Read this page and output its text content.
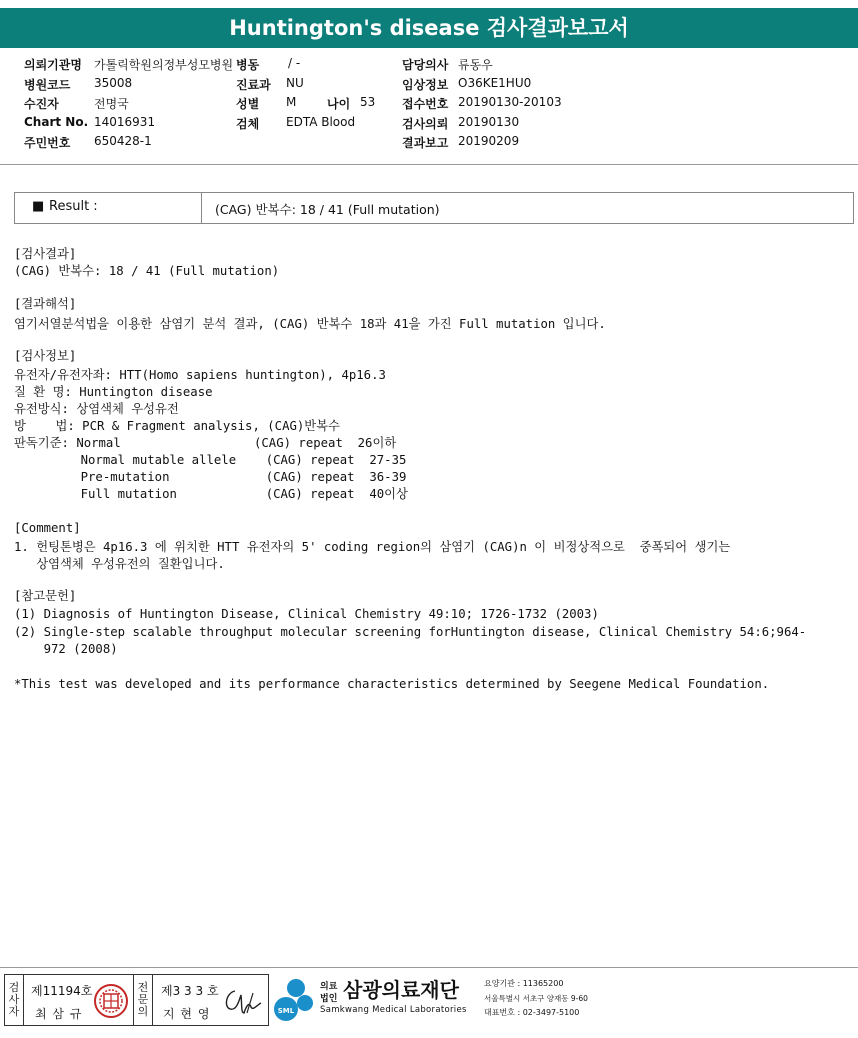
Huntington's disease 검사결과보고서
의뢰기관명 가톨릭학원의정부성모병원 병동 / -	담당의사 류동우
병원코드 35008	진료과 NU	임상정보 O36KE1HU0
수진자	전명국	성별 M	나이 53 접수번호 20190130-20103
Chart No. 14016931	검체 EDTA Blood	검사의뢰 20190130
주민번호 650428-1	결과보고 20190209
■ Result :	(CAG) 반복수: 18 / 41 (Full mutation)
[검사결과]
(CAG) 반복수: 18 / 41 (Full mutation)
[결과해석]
염기서열분석법을 이용한 삼염기 분석 결과, (CAG) 반복수 18과 41을 가진 Full mutation 입니다.
[검사정보]
유전자/유전자좌: HTT(Homo sapiens huntington), 4p16.3
질 환 명: Huntington disease
유전방식: 상염색체 우성유전
방    법: PCR & Fragment analysis, (CAG)반복수
판독기준: Normal                  (CAG) repeat  26이하
Normal mutable allele    (CAG) repeat  27-35
Pre-mutation             (CAG) repeat  36-39
Full mutation            (CAG) repeat  40이상
[Comment]
1. 헌팅톤병은 4p16.3 에 위치한 HTT 유전자의 5' coding region의 삼염기 (CAG)n 이 비정상적으로  중폭되어 생기는
상염색체 우성유전의 질환입니다.
[참고문헌]
(1) Diagnosis of Huntington Disease, Clinical Chemistry 49:10; 1726-1732 (2003)
(2) Single-step scalable throughput molecular screening forHuntington disease, Clinical Chemistry 54:6;964-
972 (2008)
*This test was developed and its performance characteristics determined by Seegene Medical Foundation.
검사자
제11194호
최 삼 규
전문의
제3 3 3 호
지 현 영	SML
의료
법인 삼광의료재단
Samkwang Medical Laboratories
요양기관 : 11365200
서울특별시 서초구 양재동 9-60
대표번호 : 02-3497-5100
